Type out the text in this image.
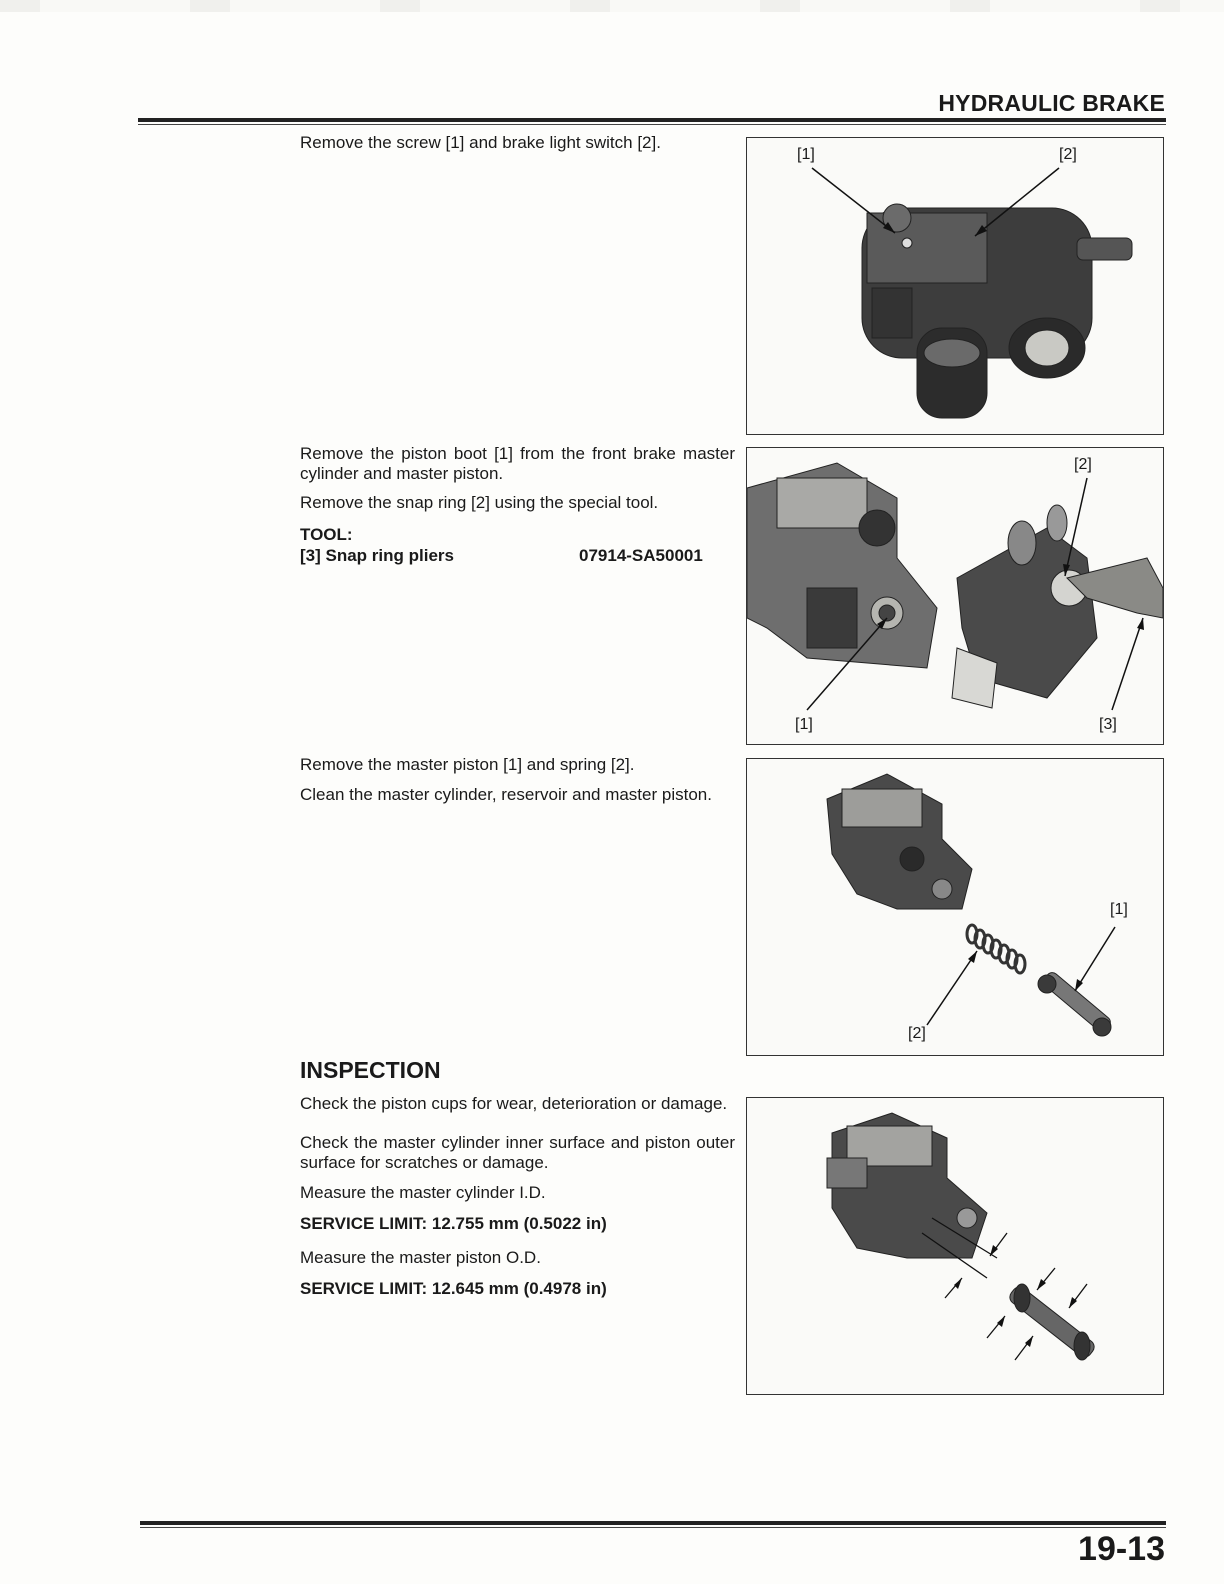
HYDRAULIC BRAKE
Remove the screw [1] and brake light switch [2].
[1]	[2]
Remove the piston boot [1] from the front brake master cylinder and master piston.
Remove the snap ring [2] using the special tool.
TOOL:
[3] Snap ring pliers	07914-SA50001
[2]
[1]	[3]
Remove the master piston [1] and spring [2].
Clean the master cylinder, reservoir and master piston.
[1]
[2]
INSPECTION
Check the piston cups for wear, deterioration or damage.
Check the master cylinder inner surface and piston outer surface for scratches or damage.
Measure the master cylinder I.D.
SERVICE LIMIT: 12.755 mm (0.5022 in)
Measure the master piston O.D.
SERVICE LIMIT: 12.645 mm (0.4978 in)
19-13
